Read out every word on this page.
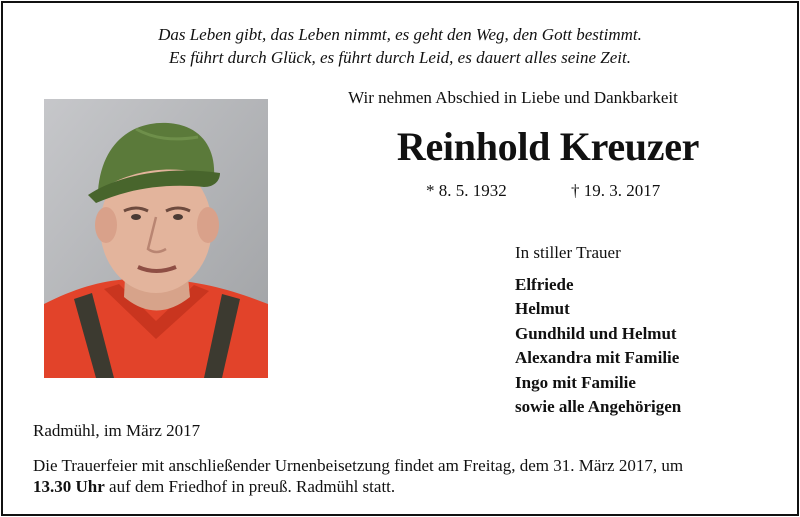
Das Leben gibt, das Leben nimmt, es geht den Weg, den Gott bestimmt.
Es führt durch Glück, es führt durch Leid, es dauert alles seine Zeit.
Wir nehmen Abschied in Liebe und Dankbarkeit
Reinhold Kreuzer
* 8. 5. 1932	† 19. 3. 2017
In stiller Trauer
Elfriede
Helmut
Gundhild und Helmut
Alexandra mit Familie
Ingo mit Familie
sowie alle Angehörigen
Radmühl, im März 2017
Die Trauerfeier mit anschließender Urnenbeisetzung findet am Freitag, dem 31. März 2017, um
13.30 Uhr auf dem Friedhof in preuß. Radmühl statt.
